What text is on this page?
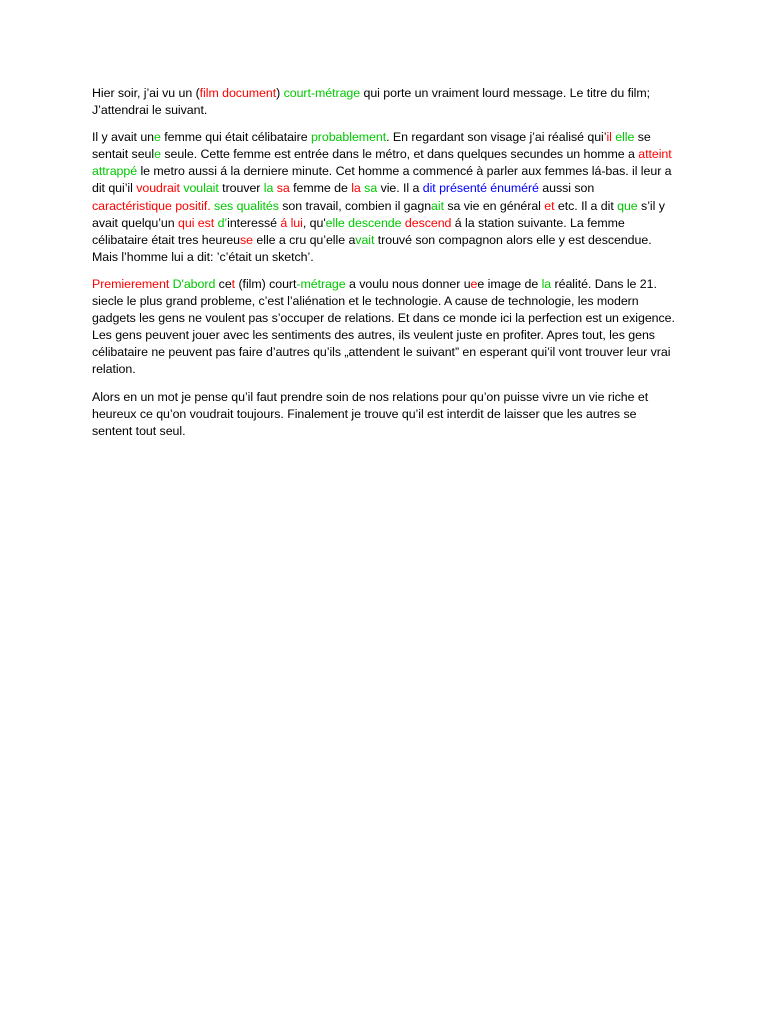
Hier soir, j’ai vu un (film document) court-métrage qui porte un vraiment lourd message. Le titre du film; J’attendrai le suivant.

Il y avait une femme qui était célibataire probablement. En regardant son visage j’ai réalisé qui’il elle se sentait seule seule. Cette femme est entrée dans le métro, et dans quelques secundes un homme a atteint attrappé le metro aussi á la derniere minute. Cet homme a commencé à parler aux femmes lá-bas. il leur a dit qui’il voudrait voulait trouver la sa femme de la sa vie. Il a dit présenté énuméré aussi son caractéristique positif. ses qualités son travail, combien il gagnait sa vie en général et etc. Il a dit que s’il y avait quelqu’un qui est d’interessé á lui, qu'elle descende descend á la station suivante. La femme célibataire était tres heureuse elle a cru qu’elle avait trouvé son compagnon alors elle y est descendue. Mais l’homme lui a dit: ’c’était un sketch’.

Premierement D'abord cet (film) court-métrage a voulu nous donner uee image de la réalité. Dans le 21. siecle le plus grand probleme, c’est l’aliénation et le technologie. A cause de technologie, les modern gadgets les gens ne voulent pas s’occuper de relations. Et dans ce monde ici la perfection est un exigence. Les gens peuvent jouer avec les sentiments des autres, ils veulent juste en profiter. Apres tout, les gens célibataire ne peuvent pas faire d’autres qu’ils „attendent le suivant” en esperant qui’il vont trouver leur vrai relation.

Alors en un mot je pense qu’il faut prendre soin de nos relations pour qu’on puisse vivre un vie riche et heureux ce qu’on voudrait toujours. Finalement je trouve qu’il est interdit de laisser que les autres se sentent tout seul.
